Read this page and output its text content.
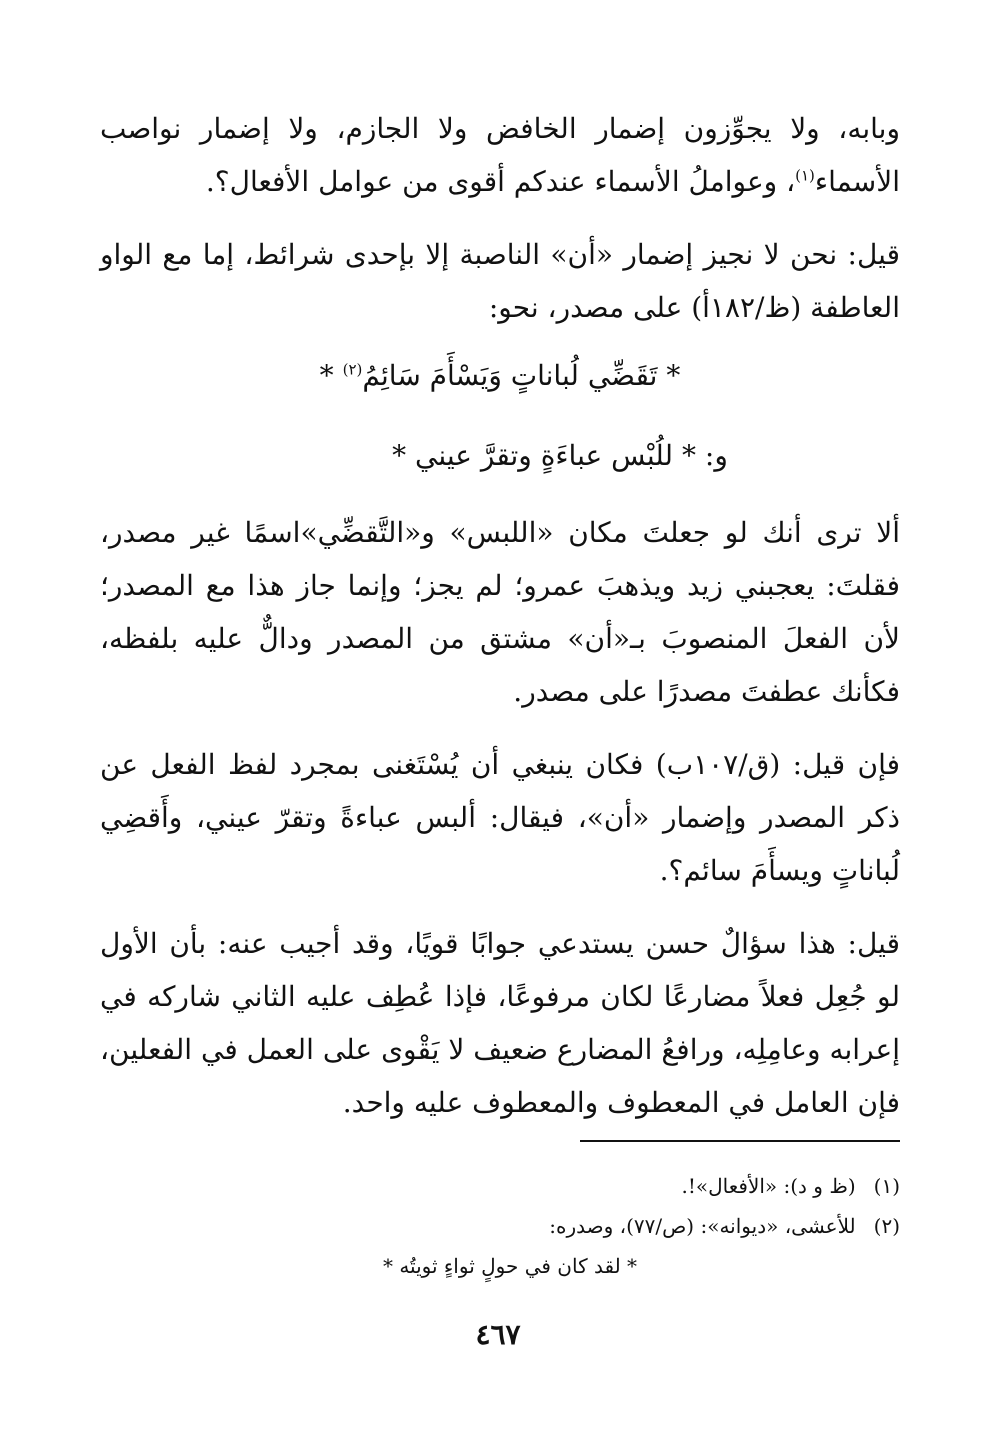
وبابه، ولا يجوِّزون إضمار الخافض ولا الجازم، ولا إضمار نواصب الأسماء$^{(١)}$، وعواملُ الأسماء عندكم أقوى من عوامل الأفعال؟.

قيل: نحن لا نجيز إضمار «أن» الناصبة إلا بإحدى شرائط، إما مع الواو العاطفة (ظ/١٨٢أ) على مصدر، نحو:

* تَقَضِّي لُباناتٍ وَيَسْأَمَ سَائِمُ$^{(٢)}$ *

و: * للُبْس عباءَةٍ وتقرَّ عيني *

ألا ترى أنك لو جعلتَ مكان «اللبس» و«التَّقضِّي»اسمًا غير مصدر، فقلتَ: يعجبني زيد ويذهبَ عمرو؛ لم يجز؛ وإنما جاز هذا مع المصدر؛ لأن الفعلَ المنصوبَ بـ«أن» مشتق من المصدر ودالٌّ عليه بلفظه، فكأنك عطفتَ مصدرًا على مصدر.

فإن قيل: (ق/١٠٧ب) فكان ينبغي أن يُسْتَغنى بمجرد لفظ الفعل عن ذكر المصدر وإضمار «أن»، فيقال: ألبس عباءةً وتقرّ عيني، وأَقضِي لُباناتٍ ويسأَمَ سائم؟.

قيل: هذا سؤالٌ حسن يستدعي جوابًا قويًا، وقد أجيب عنه: بأن الأول لو جُعِل فعلاً مضارعًا لكان مرفوعًا، فإذا عُطِف عليه الثاني شاركه في إعرابه وعامِلِه، ورافعُ المضارع ضعيف لا يَقْوى على العمل في الفعلين، فإن العامل في المعطوف والمعطوف عليه واحد.

(١)(ظ و د): «الأفعال»!.

(٢)للأعشى، «ديوانه»: (ص/٧٧)، وصدره:

* لقد كان في حولٍ ثواءٍ ثويتُه *

٤٦٧
